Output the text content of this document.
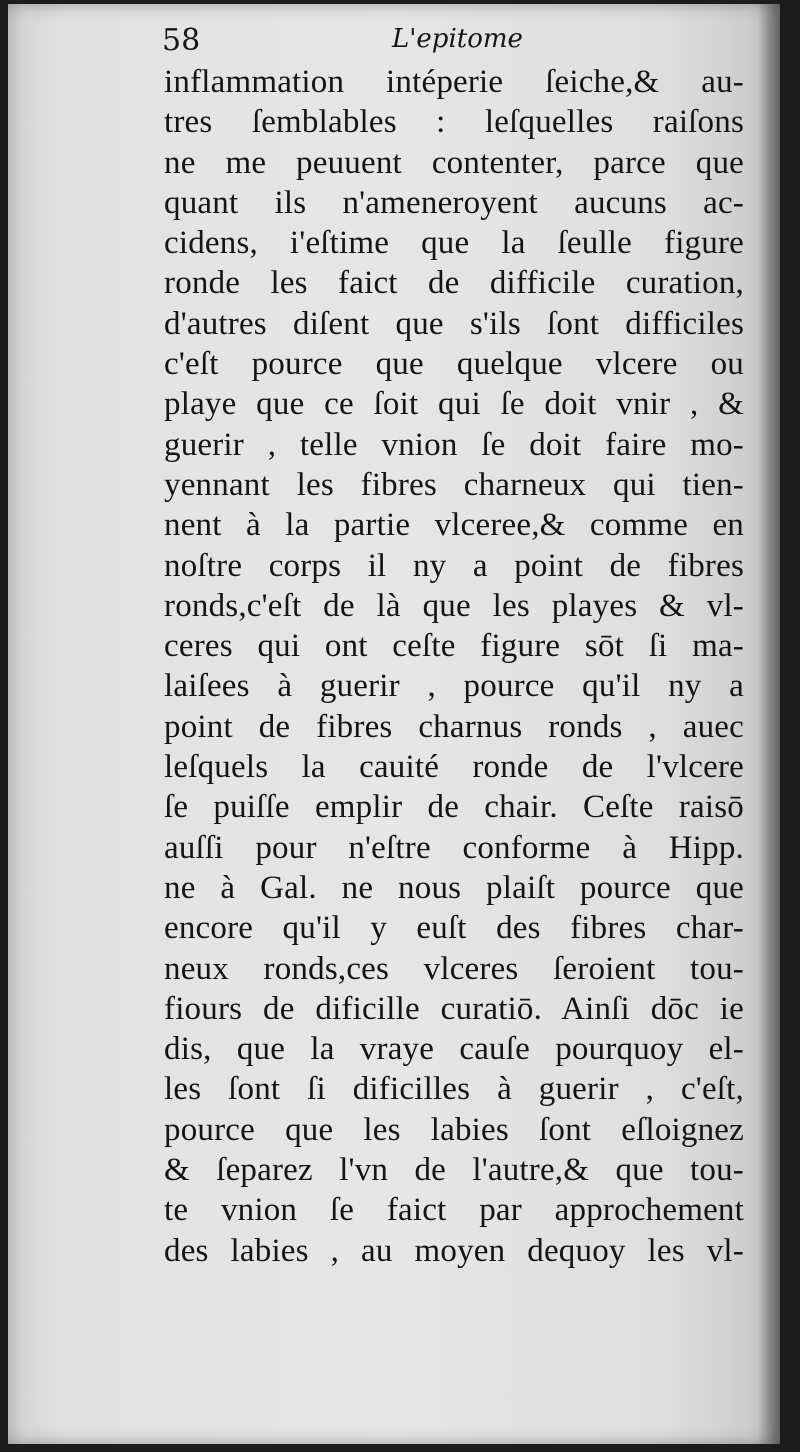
58	L'epitome
inflammation intéperie ſeiche,& au-
tres ſemblables : leſquelles raiſons
ne me peuuent contenter, parce que
quant ils n'ameneroyent aucuns ac-
cidens, i'eſtime que la ſeulle figure
ronde les faict de difficile curation,
d'autres diſent que s'ils ſont difficiles
c'eſt pource que quelque vlcere ou
playe que ce ſoit qui ſe doit vnir , &
guerir , telle vnion ſe doit faire mo-
yennant les fibres charneux qui tien-
nent à la partie vlceree,& comme en
noſtre corps il ny a point de fibres
ronds,c'eſt de là que les playes & vl-
ceres qui ont ceſte figure sōt ſi ma-
laiſees à guerir , pource qu'il ny a
point de fibres charnus ronds , auec
leſquels la cauité ronde de l'vlcere
ſe puiſſe emplir de chair. Ceſte raisō
auſſi pour n'eſtre conforme à Hipp.
ne à Gal. ne nous plaiſt pource que
encore qu'il y euſt des fibres char-
neux ronds,ces vlceres ſeroient tou-
fiours de dificille curatiō. Ainſi dōc ie
dis, que la vraye cauſe pourquoy el-
les ſont ſi dificilles à guerir , c'eſt,
pource que les labies ſont eſloignez
& ſeparez l'vn de l'autre,& que tou-
te vnion ſe faict par approchement
des labies , au moyen dequoy les vl-
